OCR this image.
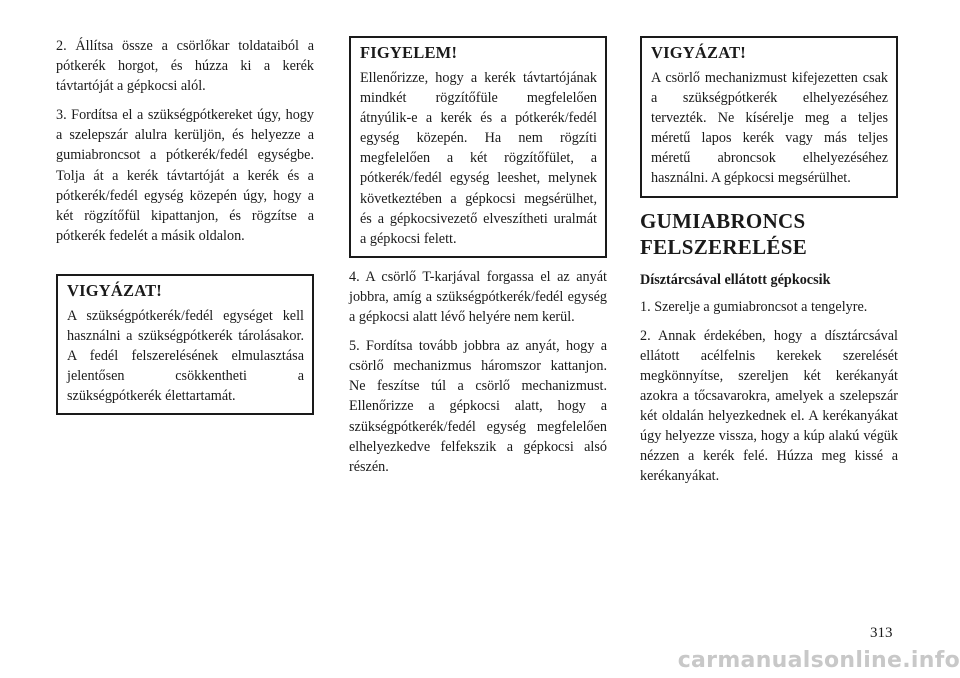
2. Állítsa össze a csörlőkar toldataiból a pótkerék horgot, és húzza ki a kerék távtartóját a gépkocsi alól.

3. Fordítsa el a szükségpótkereket úgy, hogy a szelepszár alulra kerüljön, és helyezze a gumiabroncsot a pótkerék/fedél egységbe. Tolja át a kerék távtartóját a kerék és a pótkerék/fedél egység közepén úgy, hogy a két rögzítőfül kipattanjon, és rögzítse a pótkerék fedelét a másik oldalon.

VIGYÁZAT!

A szükségpótkerék/fedél egységet kell használni a szükségpótkerék tárolásakor. A fedél felszerelésének elmulasztása jelentősen csökkentheti a szükségpótkerék élettartamát.

FIGYELEM!

Ellenőrizze, hogy a kerék távtartójának mindkét rögzítőfüle megfelelően átnyúlik-e a kerék és a pótkerék/fedél egység közepén. Ha nem rögzíti megfelelően a két rögzítőfület, a pótkerék/fedél egység leeshet, melynek következtében a gépkocsi megsérülhet, és a gépkocsivezető elveszítheti uralmát a gépkocsi felett.

4. A csörlő T-karjával forgassa el az anyát jobbra, amíg a szükségpótkerék/fedél egység a gépkocsi alatt lévő helyére nem kerül.

5. Fordítsa tovább jobbra az anyát, hogy a csörlő mechanizmus háromszor kattanjon. Ne feszítse túl a csörlő mechanizmust. Ellenőrizze a gépkocsi alatt, hogy a szükségpótkerék/fedél egység megfelelően elhelyezkedve felfekszik a gépkocsi alsó részén.

VIGYÁZAT!

A csörlő mechanizmust kifejezetten csak a szükségpótkerék elhelyezéséhez tervezték. Ne kísérelje meg a teljes méretű lapos kerék vagy más teljes méretű abroncsok elhelyezéséhez használni. A gépkocsi megsérülhet.

GUMIABRONCS
FELSZERELÉSE
Dísztárcsával ellátott gépkocsik

1. Szerelje a gumiabroncsot a tengelyre.

2. Annak érdekében, hogy a dísztárcsával ellátott acélfelnis kerekek szerelését megkönnyítse, szereljen két kerékanyát azokra a tőcsavarokra, amelyek a szelepszár két oldalán helyezkednek el. A kerékanyákat úgy helyezze vissza, hogy a kúp alakú végük nézzen a kerék felé. Húzza meg kissé a kerékanyákat.

313
carmanualsonline.info
